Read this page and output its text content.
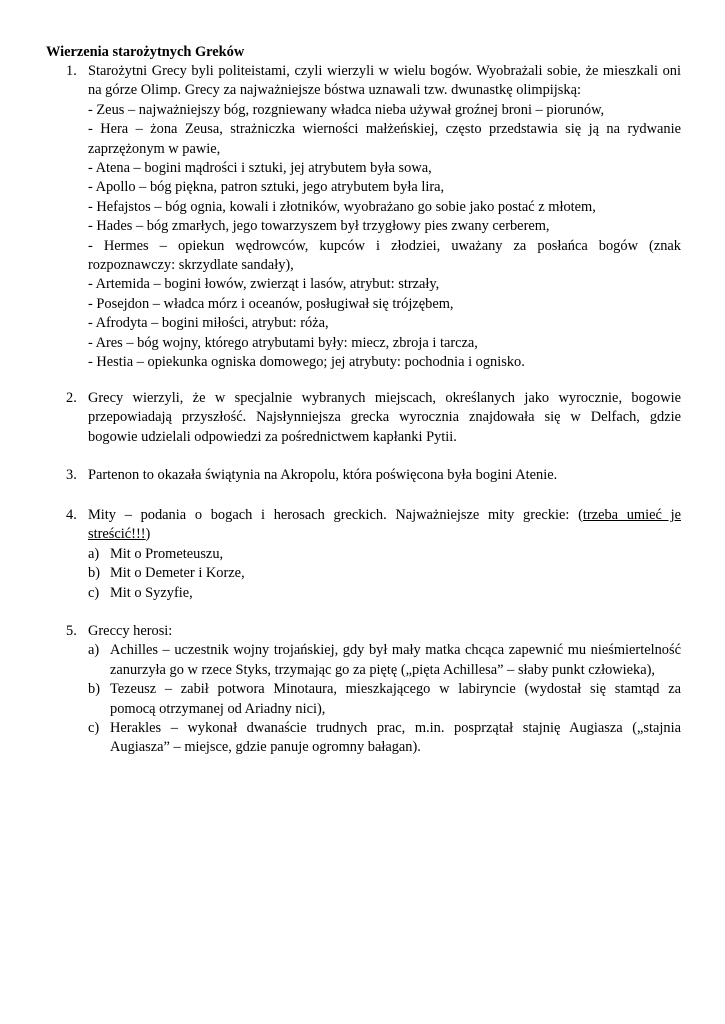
Wierzenia starożytnych Greków
1. Starożytni Grecy byli politeistami, czyli wierzyli w wielu bogów. Wyobrażali sobie, że mieszkali oni
na górze Olimp. Grecy za najważniejsze bóstwa uznawali tzw. dwunastkę olimpijską:
- Zeus – najważniejszy bóg, rozgniewany władca nieba używał groźnej broni – piorunów,
- Hera – żona Zeusa, strażniczka wierności małżeńskiej, często przedstawia się ją na rydwanie
zaprzężonym w pawie,
- Atena – bogini mądrości i sztuki, jej atrybutem była sowa,
- Apollo – bóg piękna, patron sztuki, jego atrybutem była lira,
- Hefajstos – bóg ognia, kowali i złotników, wyobrażano go sobie jako postać z młotem,
- Hades – bóg zmarłych, jego towarzyszem był trzygłowy pies zwany cerberem,
- Hermes – opiekun wędrowców, kupców i złodziei, uważany za posłańca bogów (znak
rozpoznawczy: skrzydlate sandały),
- Artemida – bogini łowów, zwierząt i lasów, atrybut: strzały,
- Posejdon – władca mórz i oceanów, posługiwał się trójzębem,
- Afrodyta – bogini miłości, atrybut: róża,
- Ares – bóg wojny, którego atrybutami były: miecz, zbroja i tarcza,
- Hestia – opiekunka ogniska domowego; jej atrybuty: pochodnia i ognisko.
2. Grecy wierzyli, że w specjalnie wybranych miejscach, określanych jako wyrocznie, bogowie
przepowiadają przyszłość. Najsłynniejsza grecka wyrocznia znajdowała się w Delfach, gdzie
bogowie udzielali odpowiedzi za pośrednictwem kapłanki Pytii.
3. Partenon to okazała świątynia na Akropolu, która poświęcona była bogini Atenie.
4. Mity – podania o bogach i herosach greckich. Najważniejsze mity greckie: (trzeba umieć je
streścić!!!)
a) Mit o Prometeuszu,
b) Mit o Demeter i Korze,
c) Mit o Syzyfie,
5. Greccy herosi:
a) Achilles – uczestnik wojny trojańskiej, gdy był mały matka chcąca zapewnić mu nieśmiertelność
zanurzyła go w rzece Styks, trzymając go za piętę („pięta Achillesa” – słaby punkt człowieka),
b) Tezeusz – zabił potwora Minotaura, mieszkającego w labiryncie (wydostał się stamtąd za
pomocą otrzymanej od Ariadny nici),
c) Herakles – wykonał dwanaście trudnych prac, m.in. posprzątał stajnię Augiasza („stajnia
Augiasza” – miejsce, gdzie panuje ogromny bałagan).
